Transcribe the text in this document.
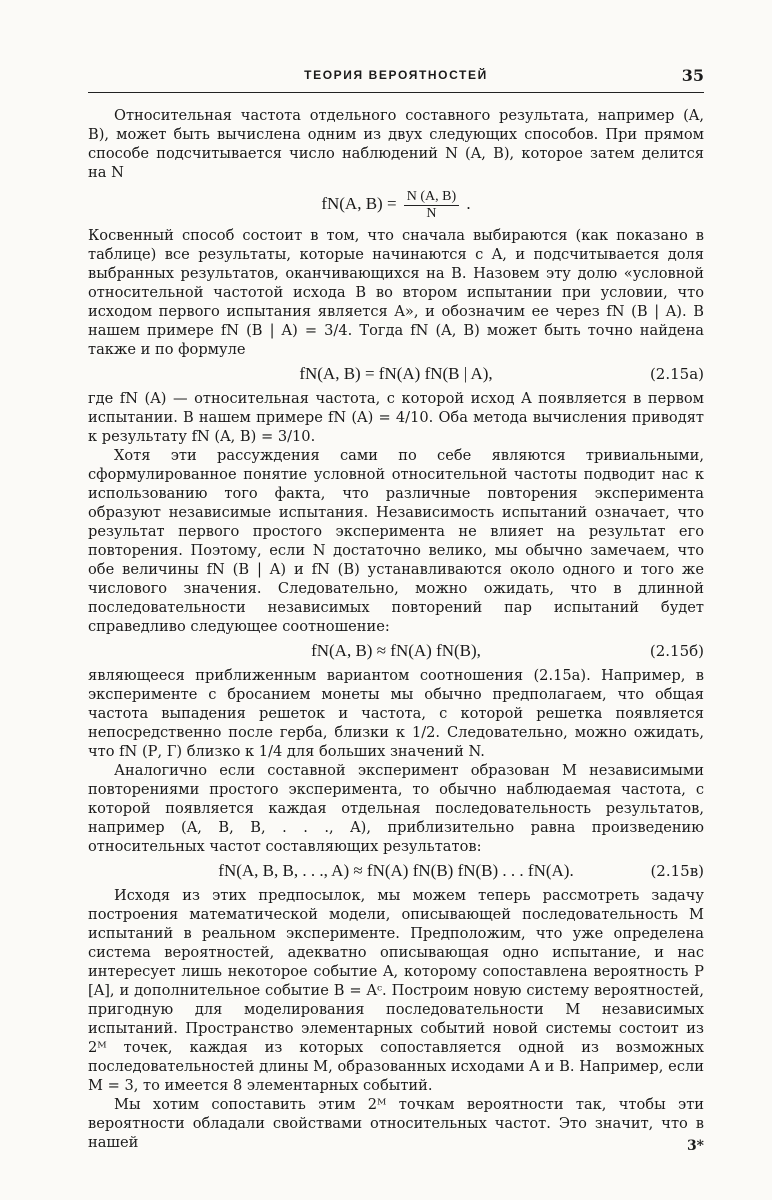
ТЕОРИЯ ВЕРОЯТНОСТЕЙ	35

Относительная частота отдельного составного результата, например (A, B), может быть вычислена одним из двух следующих способов. При прямом способе подсчитывается число наблюдений N (A, B), которое затем делится на N

fN(A, $B) = \frac{N (A, B)}{N}$ .

Косвенный способ состоит в том, что сначала выбираются (как показано в таблице) все результаты, которые начинаются с A, и подсчитывается доля выбранных результатов, оканчивающихся на B. Назовем эту долю «условной относительной частотой исхода B во втором испытании при условии, что исходом первого испытания является A», и обозначим ее через fN (B | A). В нашем примере fN (B | A) = 3/4. Тогда fN (A, B) может быть точно найдена также и по формуле

fN(A, B) = fN(A) fN(B | A),	(2.15а)

где fN (A) — относительная частота, с которой исход A появляется в первом испытании. В нашем примере fN (A) = 4/10. Оба метода вычисления приводят к результату fN (A, B) = 3/10.

Хотя эти рассуждения сами по себе являются тривиальными, сформулированное понятие условной относительной частоты подводит нас к использованию того факта, что различные повторения эксперимента образуют независимые испытания. Независимость испытаний означает, что результат первого простого эксперимента не влияет на результат его повторения. Поэтому, если N достаточно велико, мы обычно замечаем, что обе величины fN (B | A) и fN (B) устанавливаются около одного и того же числового значения. Следовательно, можно ожидать, что в длинной последовательности независимых повторений пар испытаний будет справедливо следующее соотношение:

fN(A, B) ≈ fN(A) fN(B),	(2.15б)

являющееся приближенным вариантом соотношения (2.15а). Например, в эксперименте с бросанием монеты мы обычно предполагаем, что общая частота выпадения решеток и частота, с которой решетка появляется непосредственно после герба, близки к 1/2. Следовательно, можно ожидать, что fN (Р, Г) близко к 1/4 для больших значений N.

Аналогично если составной эксперимент образован M независимыми повторениями простого эксперимента, то обычно наблюдаемая частота, с которой появляется каждая отдельная последовательность результатов, например (A, B, B, . . ., A), приблизительно равна произведению относительных частот составляющих результатов:

fN(A, B, B, . . ., A) ≈ fN(A) fN(B) fN(B) . . . fN(A).	(2.15в)

Исходя из этих предпосылок, мы можем теперь рассмотреть задачу построения математической модели, описывающей последовательность M испытаний в реальном эксперименте. Предположим, что уже определена система вероятностей, адекватно описывающая одно испытание, и нас интересует лишь некоторое событие A, которому сопоставлена вероятность P [A], и дополнительное событие B = Aᶜ. Построим новую систему вероятностей, пригодную для моделирования последовательности M независимых испытаний. Пространство элементарных событий новой системы состоит из 2ᴹ точек, каждая из которых сопоставляется одной из возможных последовательностей длины M, образованных исходами A и B. Например, если M = 3, то имеется 8 элементарных событий.

Мы хотим сопоставить этим 2ᴹ точкам вероятности так, чтобы эти вероятности обладали свойствами относительных частот. Это значит, что в нашей	3*
